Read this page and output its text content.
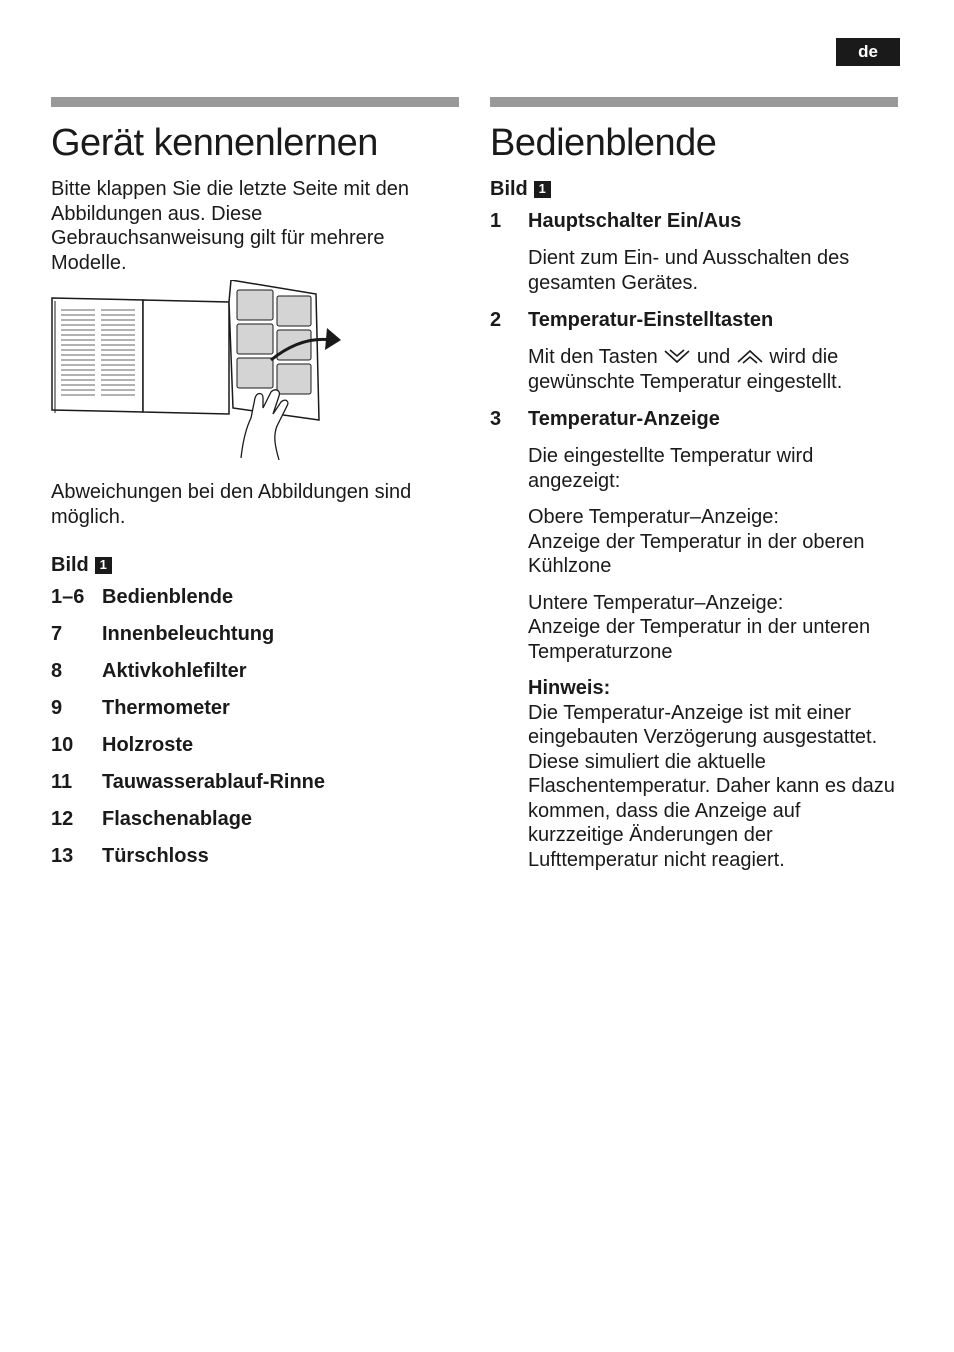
de
Gerät kennenlernen

Bitte klappen Sie die letzte Seite mit den Abbildungen aus. Diese Gebrauchsanweisung gilt für mehrere Modelle.

Abweichungen bei den Abbildungen sind möglich.

Bild 1
1–6 Bedienblende
7	Innenbeleuchtung
8	Aktivkohlefilter
9	Thermometer
10	Holzroste
11	Tauwasserablauf-Rinne
12	Flaschenablage
13	Türschloss
Bedienblende
Bild 1
1	Hauptschalter Ein/Aus

Dient zum Ein- und Ausschalten des gesamten Gerätes.

2	Temperatur-Einstelltasten

Mit den Tasten und wird die gewünschte Temperatur eingestellt.

3	Temperatur-Anzeige

Die eingestellte Temperatur wird angezeigt:

Obere Temperatur–Anzeige:

Anzeige der Temperatur in der oberen Kühlzone

Untere Temperatur–Anzeige:

Anzeige der Temperatur in der unteren Temperaturzone

Hinweis:

Die Temperatur-Anzeige ist mit einer eingebauten Verzögerung ausgestattet. Diese simuliert die aktuelle Flaschentemperatur. Daher kann es dazu kommen, dass die Anzeige auf kurzzeitige Änderungen der Lufttemperatur nicht reagiert.
